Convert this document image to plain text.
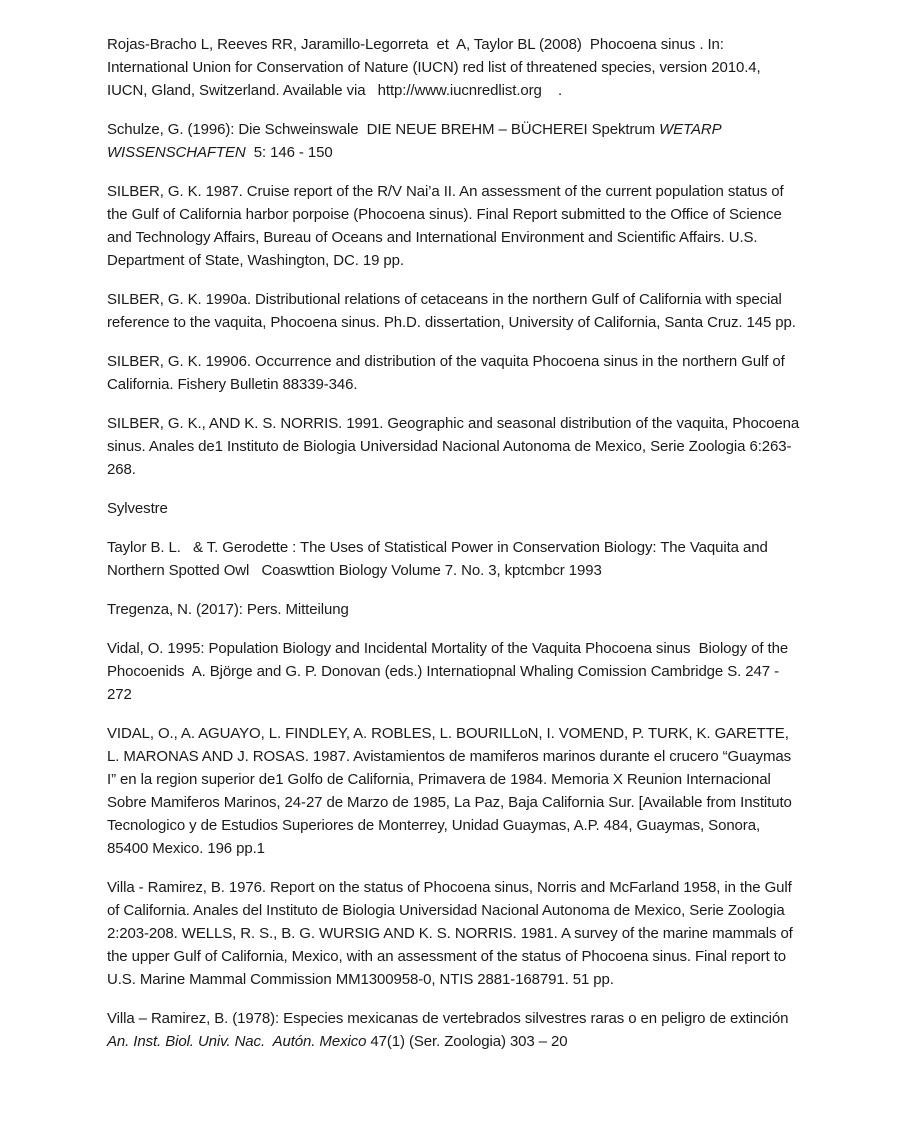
Rojas-Bracho L, Reeves RR, Jaramillo-Legorreta  et  A, Taylor BL (2008)  Phocoena sinus . In: International Union for Conservation of Nature (IUCN) red list of threatened species, version 2010.4, IUCN, Gland, Switzerland. Available via   http://www.iucnredlist.org    .

Schulze, G. (1996): Die Schweinswale  DIE NEUE BREHM – BÜCHEREI Spektrum WETARP WISSENSCHAFTEN  5: 146 - 150

SILBER, G. K. 1987. Cruise report of the R/V Nai’a II. An assessment of the current population status of the Gulf of California harbor porpoise (Phocoena sinus). Final Report submitted to the Office of Science and Technology Affairs, Bureau of Oceans and International Environment and Scientific Affairs. U.S. Department of State, Washington, DC. 19 pp.

SILBER, G. K. 1990a. Distributional relations of cetaceans in the northern Gulf of California with special reference to the vaquita, Phocoena sinus. Ph.D. dissertation, University of California, Santa Cruz. 145 pp.

SILBER, G. K. 19906. Occurrence and distribution of the vaquita Phocoena sinus in the northern Gulf of California. Fishery Bulletin 88339-346.

SILBER, G. K., AND K. S. NORRIS. 1991. Geographic and seasonal distribution of the vaquita, Phocoena sinus. Anales de1 Instituto de Biologia Universidad Nacional Autonoma de Mexico, Serie Zoologia 6:263-268.

Sylvestre

Taylor B. L.   & T. Gerodette : The Uses of Statistical Power in Conservation Biology: The Vaquita and Northern Spotted Owl   Coaswttion Biology Volume 7. No. 3, kptcmbcr 1993

Tregenza, N. (2017): Pers. Mitteilung

Vidal, O. 1995: Population Biology and Incidental Mortality of the Vaquita Phocoena sinus  Biology of the Phocoenids  A. Björge and G. P. Donovan (eds.) Internatiopnal Whaling Comission Cambridge S. 247 - 272

VIDAL, O., A. AGUAYO, L. FINDLEY, A. ROBLES, L. BOURILLoN, I. VOMEND, P. TURK, K. GARETTE, L. MARONAS AND J. ROSAS. 1987. Avistamientos de mamiferos marinos durante el crucero “Guaymas I” en la region superior de1 Golfo de California, Primavera de 1984. Memoria X Reunion Internacional Sobre Mamiferos Marinos, 24-27 de Marzo de 1985, La Paz, Baja California Sur. [Available from Instituto Tecnologico y de Estudios Superiores de Monterrey, Unidad Guaymas, A.P. 484, Guaymas, Sonora, 85400 Mexico. 196 pp.1

Villa - Ramirez, B. 1976. Report on the status of Phocoena sinus, Norris and McFarland 1958, in the Gulf of California. Anales del Instituto de Biologia Universidad Nacional Autonoma de Mexico, Serie Zoologia 2:203-208. WELLS, R. S., B. G. WURSIG AND K. S. NORRIS. 1981. A survey of the marine mammals of the upper Gulf of California, Mexico, with an assessment of the status of Phocoena sinus. Final report to U.S. Marine Mammal Commission MM1300958-0, NTIS 2881-168791. 51 pp.

Villa – Ramirez, B. (1978): Especies mexicanas de vertebrados silvestres raras o en peligro de extinción  An. Inst. Biol. Univ. Nac.  Autón. Mexico 47(1) (Ser. Zoologia) 303 – 20
